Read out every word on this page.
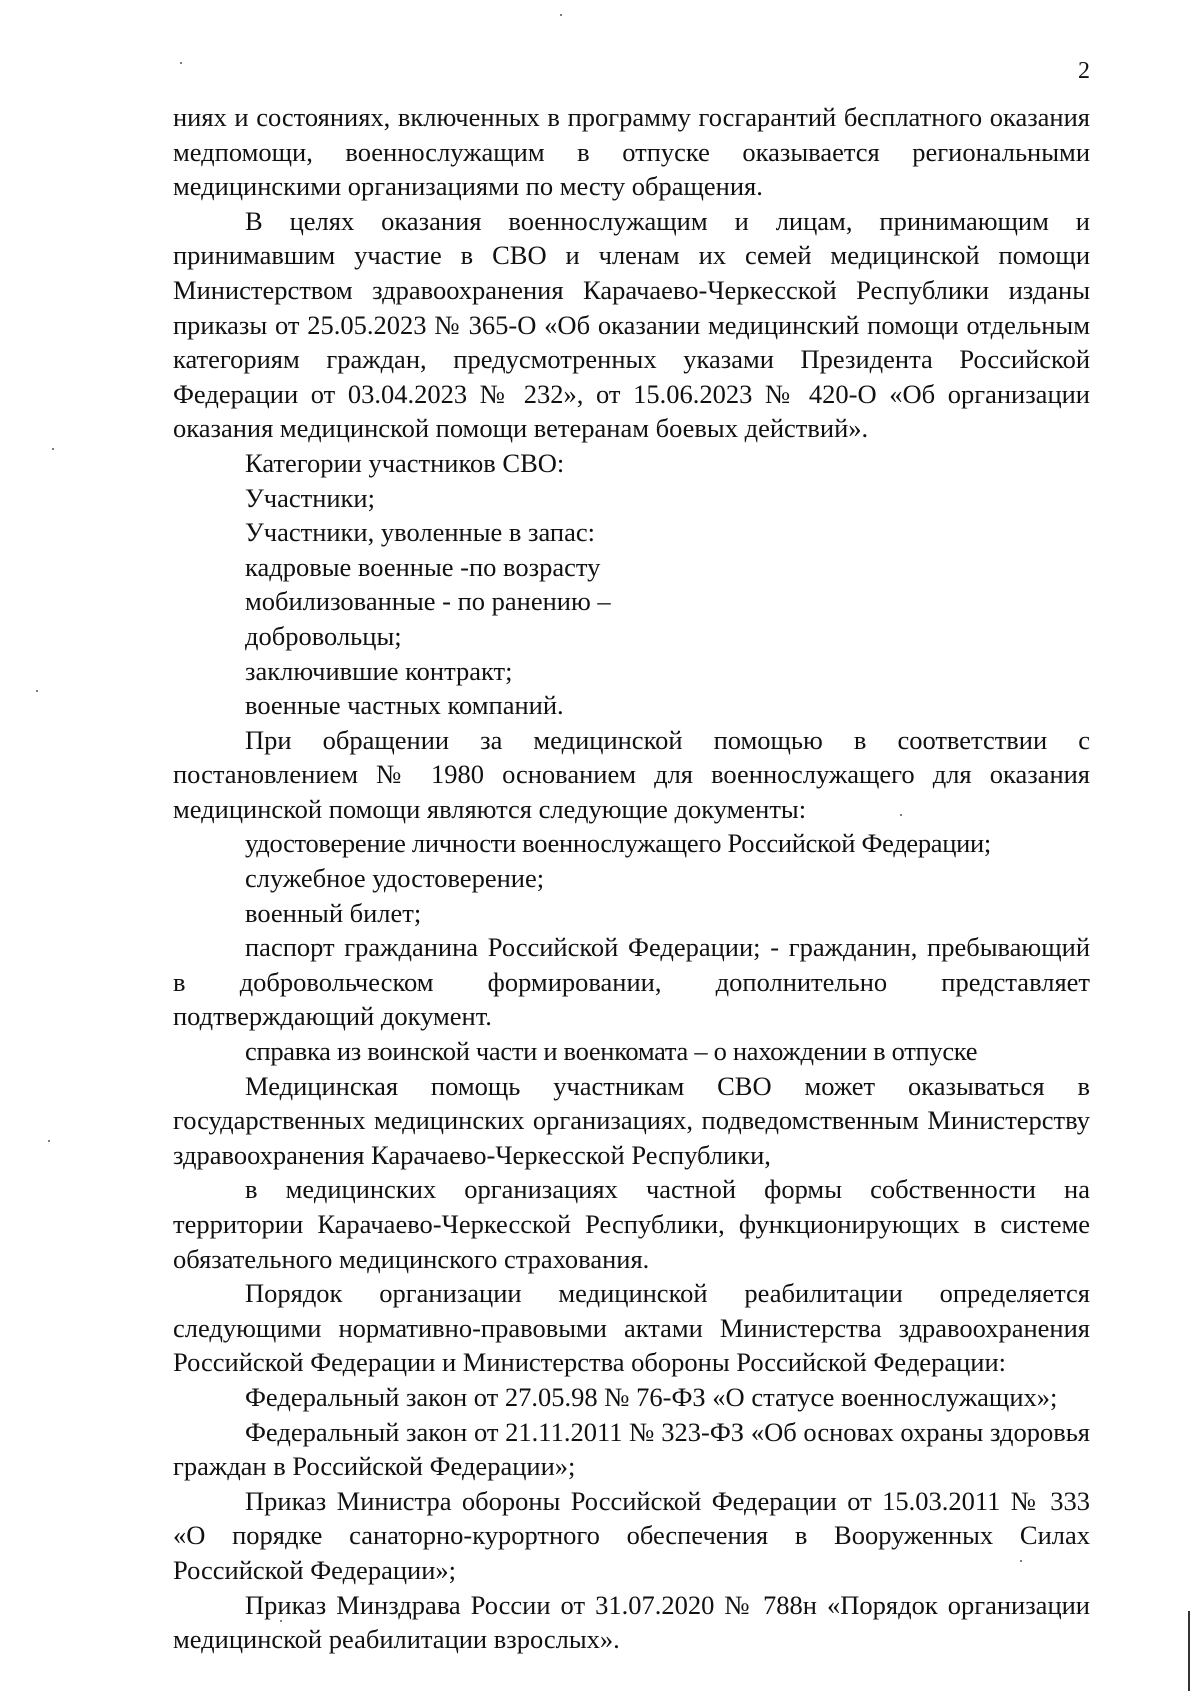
2

ниях и состояниях, включенных в программу госгарантий бесплатного оказания медпомощи, военнослужащим в отпуске оказывается региональными медицинскими организациями по месту обращения.

В целях оказания военнослужащим и лицам, принимающим и принимавшим участие в СВО и членам их семей медицинской помощи Министерством здравоохранения Карачаево-Черкесской Республики изданы приказы от 25.05.2023 № 365-О «Об оказании медицинский помощи отдельным категориям граждан, предусмотренных указами Президента Российской Федерации от 03.04.2023 № 232», от 15.06.2023 № 420-О «Об организации оказания медицинской помощи ветеранам боевых действий».

Категории участников СВО:

Участники;

Участники, уволенные в запас:

кадровые военные -по возрасту

мобилизованные - по ранению –

добровольцы;

заключившие контракт;

военные частных компаний.

При обращении за медицинской помощью в соответствии с постановлением № 1980 основанием для военнослужащего для оказания медицинской помощи являются следующие документы:

удостоверение личности военнослужащего Российской Федерации;

служебное удостоверение;

военный билет;

паспорт гражданина Российской Федерации; - гражданин, пребывающий в добровольческом формировании, дополнительно представляет подтверждающий документ.

справка из воинской части и военкомата – о нахождении в отпуске

Медицинская помощь участникам СВО может оказываться в государственных медицинских организациях, подведомственным Министерству здравоохранения Карачаево-Черкесской Республики,

в медицинских организациях частной формы собственности на территории Карачаево-Черкесской Республики, функционирующих в системе обязательного медицинского страхования.

Порядок организации медицинской реабилитации определяется следующими нормативно-правовыми актами Министерства здравоохранения Российской Федерации и Министерства обороны Российской Федерации:

Федеральный закон от 27.05.98 № 76-ФЗ «О статусе военнослужащих»;

Федеральный закон от 21.11.2011 № 323-ФЗ «Об основах охраны здоровья граждан в Российской Федерации»;

Приказ Министра обороны Российской Федерации от 15.03.2011 № 333 «О порядке санаторно-курортного обеспечения в Вооруженных Силах Российской Федерации»;

Приказ Минздрава России от 31.07.2020 № 788н «Порядок организации медицинской реабилитации взрослых».
